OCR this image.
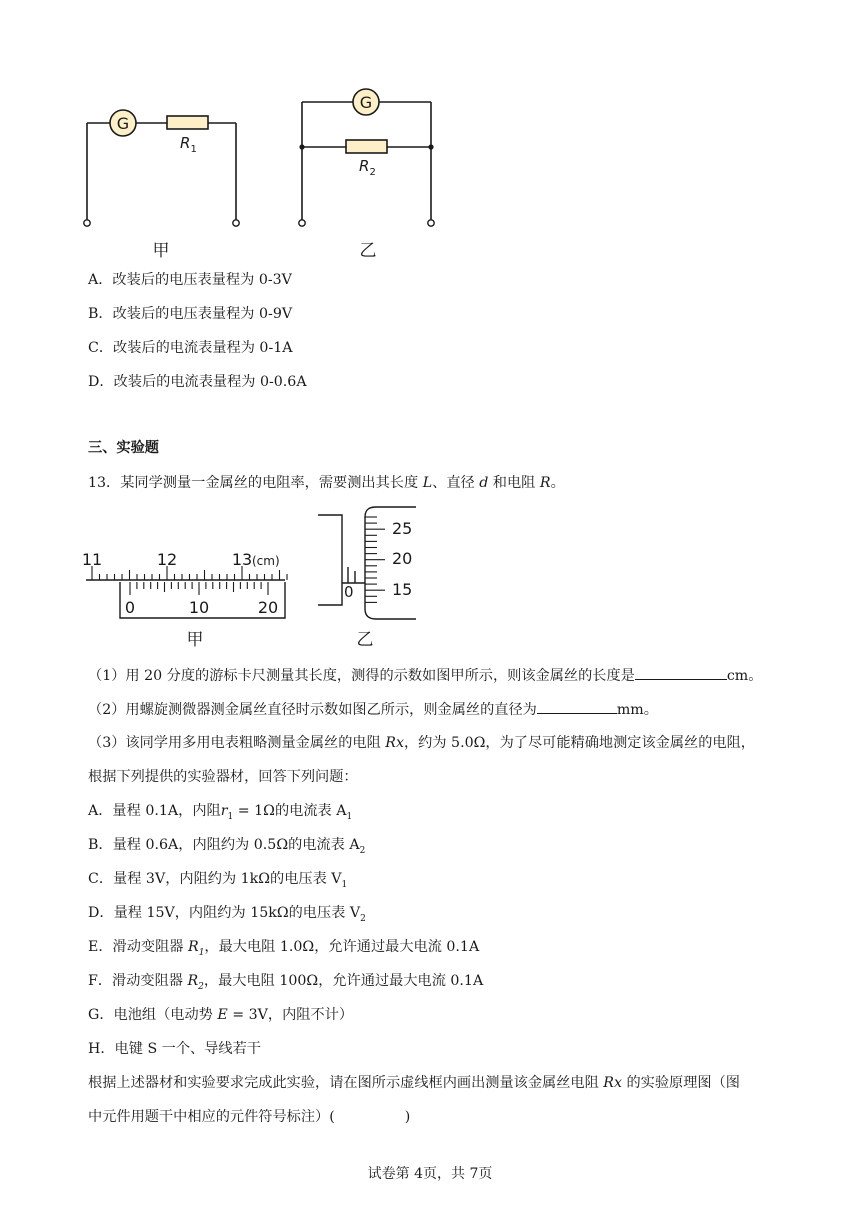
G
$R_1$
甲
G
$R_2$
乙
A．改装后的电压表量程为 0-3V
B．改装后的电压表量程为 0-9V
C．改装后的电流表量程为 0-1A
D．改装后的电流表量程为 0-0.6A
三、实验题
13．某同学测量一金属丝的电阻率，需要测出其长度 L、直径 d 和电阻 R。
11	12	13 (cm)
0	10	20
甲
25
20
15
0
乙
（1）用 20 分度的游标卡尺测量其长度，测得的示数如图甲所示，则该金属丝的长度是	cm。
（2）用螺旋测微器测金属丝直径时示数如图乙所示，则金属丝的直径为	mm。
（3）该同学用多用电表粗略测量金属丝的电阻 Rx，约为 5.0Ω，为了尽可能精确地测定该金属丝的电阻，
根据下列提供的实验器材，回答下列问题：
A．量程 0.1A，内阻$r_1 = 1\Omega$的电流表 $A_1$
B．量程 0.6A，内阻约为 0.5Ω的电流表 $A_2$
C．量程 3V，内阻约为 1kΩ的电压表 $V_1$
D．量程 15V，内阻约为 15kΩ的电压表 $V_2$
E．滑动变阻器 $R_1$，最大电阻 1.0Ω，允许通过最大电流 0.1A
F．滑动变阻器 $R_2$，最大电阻 100Ω，允许通过最大电流 0.1A
G．电池组（电动势 E = 3V，内阻不计）
H．电键 S 一个、导线若干
根据上述器材和实验要求完成此实验，请在图所示虚线框内画出测量该金属丝电阻 Rx 的实验原理图（图
中元件用题干中相应的元件符号标注）(	)
试卷第 4页，共 7页
